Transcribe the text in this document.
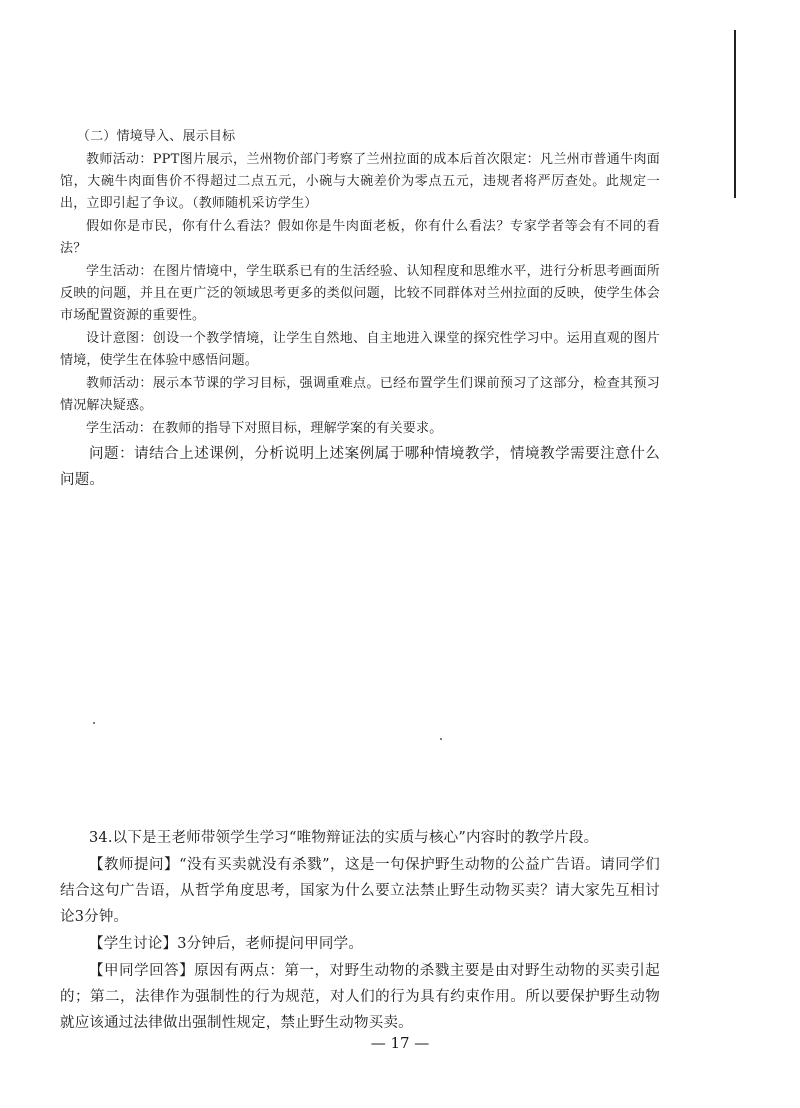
（二）情境导入、展示目标

教师活动：PPT图片展示，兰州物价部门考察了兰州拉面的成本后首次限定：凡兰州市普通牛肉面馆，大碗牛肉面售价不得超过二点五元，小碗与大碗差价为零点五元，违规者将严厉查处。此规定一出，立即引起了争议。（教师随机采访学生）

假如你是市民，你有什么看法？假如你是牛肉面老板，你有什么看法？专家学者等会有不同的看法？

学生活动：在图片情境中，学生联系已有的生活经验、认知程度和思维水平，进行分析思考画面所反映的问题，并且在更广泛的领域思考更多的类似问题，比较不同群体对兰州拉面的反映，使学生体会市场配置资源的重要性。

设计意图：创设一个教学情境，让学生自然地、自主地进入课堂的探究性学习中。运用直观的图片情境，使学生在体验中感悟问题。

教师活动：展示本节课的学习目标，强调重难点。已经布置学生们课前预习了这部分，检查其预习情况解决疑惑。

学生活动：在教师的指导下对照目标，理解学案的有关要求。

问题：请结合上述课例，分析说明上述案例属于哪种情境教学，情境教学需要注意什么问题。

34.以下是王老师带领学生学习“唯物辩证法的实质与核心”内容时的教学片段。

【教师提问】“没有买卖就没有杀戮”，这是一句保护野生动物的公益广告语。请同学们结合这句广告语，从哲学角度思考，国家为什么要立法禁止野生动物买卖？请大家先互相讨论3分钟。

【学生讨论】3分钟后，老师提问甲同学。

【甲同学回答】原因有两点：第一，对野生动物的杀戮主要是由对野生动物的买卖引起的；第二，法律作为强制性的行为规范，对人们的行为具有约束作用。所以要保护野生动物就应该通过法律做出强制性规定，禁止野生动物买卖。

— 17 —
